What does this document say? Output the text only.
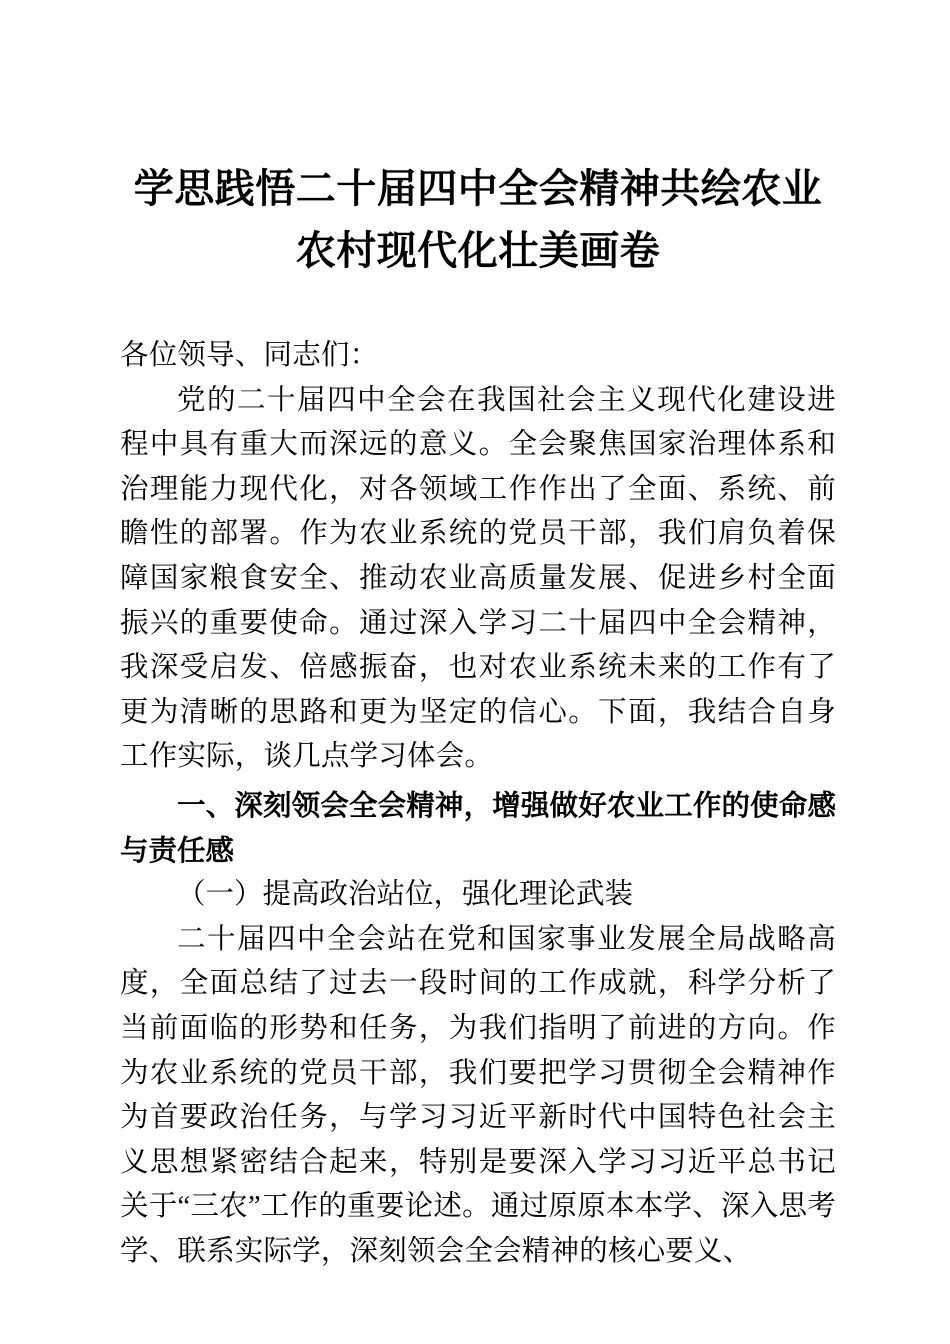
学思践悟二十届四中全会精神共绘农业农村现代化壮美画卷

各位领导、同志们：

党的二十届四中全会在我国社会主义现代化建设进程中具有重大而深远的意义。全会聚焦国家治理体系和治理能力现代化，对各领域工作作出了全面、系统、前瞻性的部署。作为农业系统的党员干部，我们肩负着保障国家粮食安全、推动农业高质量发展、促进乡村全面振兴的重要使命。通过深入学习二十届四中全会精神，我深受启发、倍感振奋，也对农业系统未来的工作有了更为清晰的思路和更为坚定的信心。下面，我结合自身工作实际，谈几点学习体会。

一、深刻领会全会精神，增强做好农业工作的使命感与责任感

（一）提高政治站位，强化理论武装

二十届四中全会站在党和国家事业发展全局战略高度，全面总结了过去一段时间的工作成就，科学分析了当前面临的形势和任务，为我们指明了前进的方向。作为农业系统的党员干部，我们要把学习贯彻全会精神作为首要政治任务，与学习习近平新时代中国特色社会主义思想紧密结合起来，特别是要深入学习习近平总书记关于“三农”工作的重要论述。通过原原本本学、深入思考学、联系实际学，深刻领会全会精神的核心要义、
